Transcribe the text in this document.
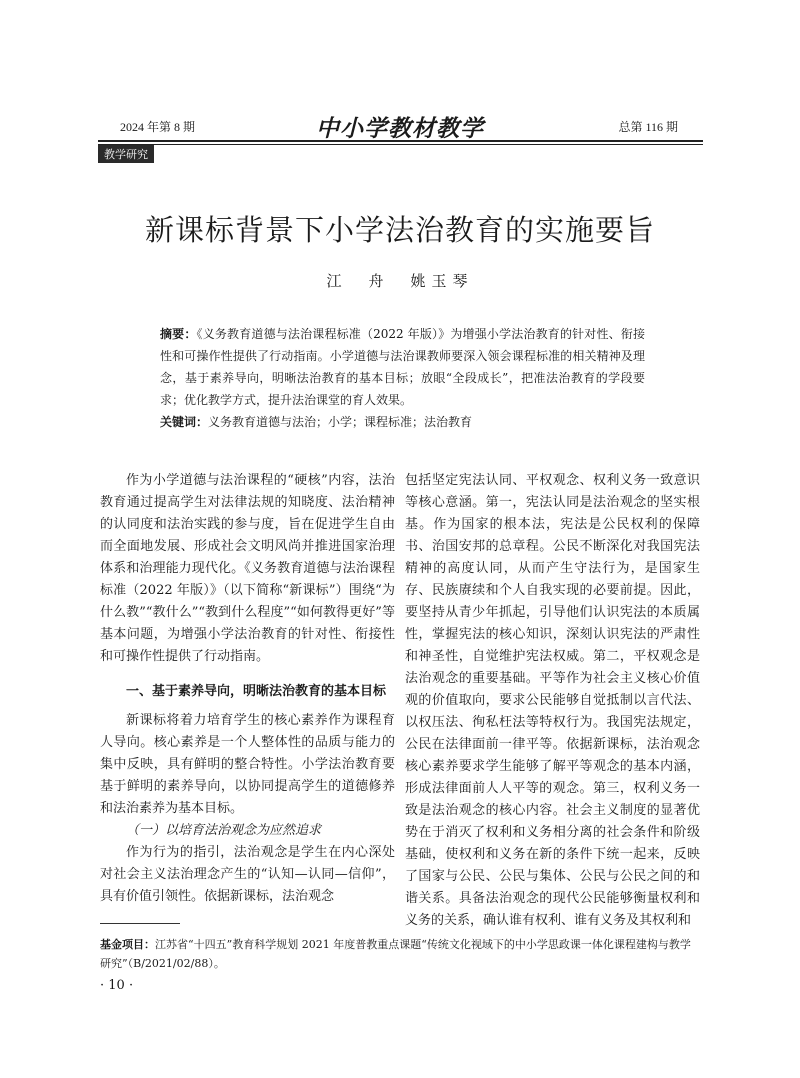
2024 年第 8 期	中小学教材教学	总第 116 期
教学研究
新课标背景下小学法治教育的实施要旨
江　舟　姚玉琴
摘要：《义务教育道德与法治课程标准（2022 年版）》为增强小学法治教育的针对性、衔接性和可操作性提供了行动指南。小学道德与法治课教师要深入领会课程标准的相关精神及理念，基于素养导向，明晰法治教育的基本目标；放眼“全段成长”，把准法治教育的学段要求；优化教学方式，提升法治课堂的育人效果。
关键词：义务教育道德与法治；小学；课程标准；法治教育

作为小学道德与法治课程的“硬核”内容，法治教育通过提高学生对法律法规的知晓度、法治精神的认同度和法治实践的参与度，旨在促进学生自由而全面地发展、形成社会文明风尚并推进国家治理体系和治理能力现代化。《义务教育道德与法治课程标准（2022 年版）》（以下简称“新课标”）围绕“为什么教”“教什么”“教到什么程度”“如何教得更好”等基本问题，为增强小学法治教育的针对性、衔接性和可操作性提供了行动指南。

一、基于素养导向，明晰法治教育的基本目标

新课标将着力培育学生的核心素养作为课程育人导向。核心素养是一个人整体性的品质与能力的集中反映，具有鲜明的整合特性。小学法治教育要基于鲜明的素养导向，以协同提高学生的道德修养和法治素养为基本目标。

（一）以培育法治观念为应然追求

作为行为的指引，法治观念是学生在内心深处对社会主义法治理念产生的“认知—认同—信仰”，具有价值引领性。依据新课标，法治观念

包括坚定宪法认同、平权观念、权利义务一致意识等核心意涵。第一，宪法认同是法治观念的坚实根基。作为国家的根本法，宪法是公民权利的保障书、治国安邦的总章程。公民不断深化对我国宪法精神的高度认同，从而产生守法行为，是国家生存、民族赓续和个人自我实现的必要前提。因此，要坚持从青少年抓起，引导他们认识宪法的本质属性，掌握宪法的核心知识，深刻认识宪法的严肃性和神圣性，自觉维护宪法权威。第二，平权观念是法治观念的重要基础。平等作为社会主义核心价值观的价值取向，要求公民能够自觉抵制以言代法、以权压法、徇私枉法等特权行为。我国宪法规定，公民在法律面前一律平等。依据新课标，法治观念核心素养要求学生能够了解平等观念的基本内涵，形成法律面前人人平等的观念。第三，权利义务一致是法治观念的核心内容。社会主义制度的显著优势在于消灭了权利和义务相分离的社会条件和阶级基础，使权利和义务在新的条件下统一起来，反映了国家与公民、公民与集体、公民与公民之间的和谐关系。具备法治观念的现代公民能够衡量权利和义务的关系，确认谁有权利、谁有义务及其权利和

基金项目：江苏省“十四五”教育科学规划 2021 年度普教重点课题“传统文化视域下的中小学思政课一体化课程建构与教学研究”（B/2021/02/88）。
· 10 ·
